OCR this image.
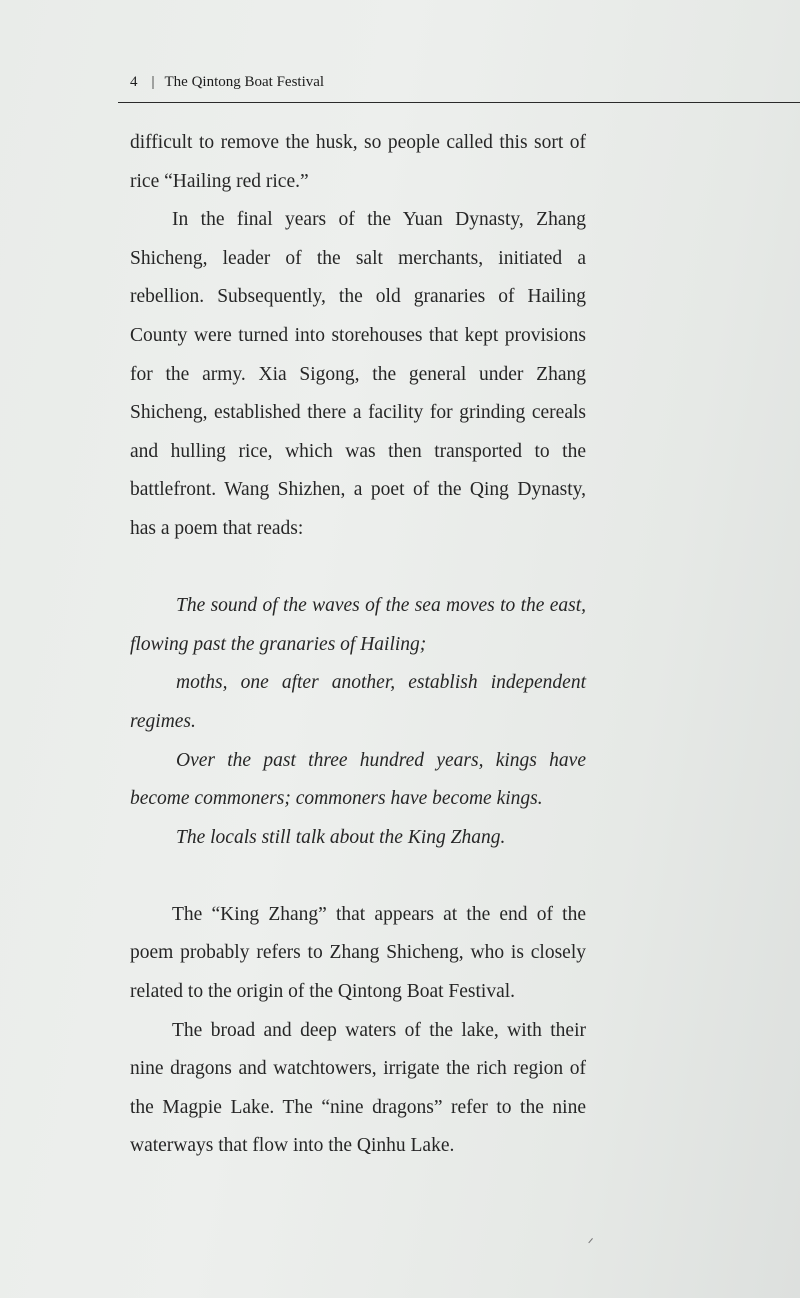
4 | The Qintong Boat Festival

difficult to remove the husk, so people called this sort of rice “Hailing red rice.”

In the final years of the Yuan Dynasty, Zhang Shicheng, leader of the salt merchants, initiated a rebellion. Subsequently, the old granaries of Hailing County were turned into storehouses that kept provisions for the army. Xia Sigong, the general under Zhang Shicheng, established there a facility for grinding cereals and hulling rice, which was then transported to the battlefront. Wang Shizhen, a poet of the Qing Dynasty, has a poem that reads:

The sound of the waves of the sea moves to the east, flowing past the granaries of Hailing;

moths, one after another, establish independent regimes.

Over the past three hundred years, kings have become commoners; commoners have become kings.

The locals still talk about the King Zhang.

The “King Zhang” that appears at the end of the poem probably refers to Zhang Shicheng, who is closely related to the origin of the Qintong Boat Festival.

The broad and deep waters of the lake, with their nine dragons and watchtowers, irrigate the rich region of the Magpie Lake. The “nine dragons” refer to the nine waterways that flow into the Qinhu Lake.
